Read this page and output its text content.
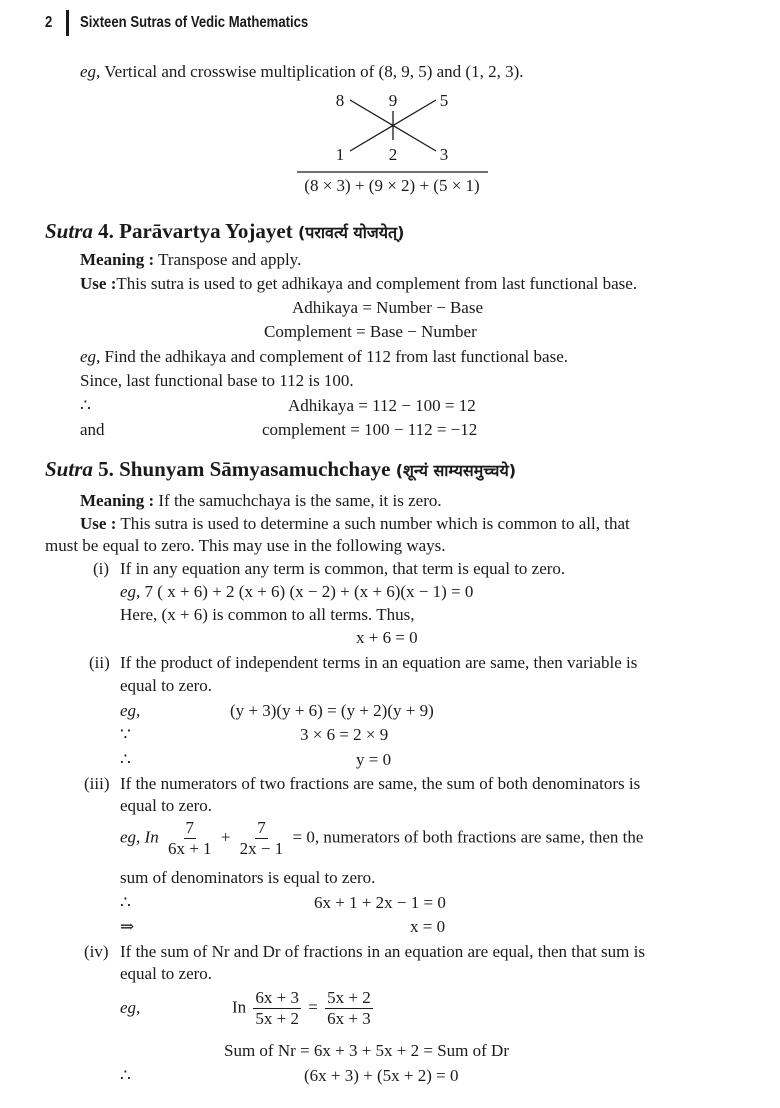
2 Sixteen Sutras of Vedic Mathematics
eg, Vertical and crosswise multiplication of (8, 9, 5) and (1, 2, 3).
8	9	5
1	2	3
(8 × 3) + (9 × 2) + (5 × 1)
Sutra 4. Parāvartya Yojayet (परावर्त्य योजयेत्)
Meaning : Transpose and apply.
Use :This sutra is used to get adhikaya and complement from last functional base.
Adhikaya = Number − Base
Complement = Base − Number
eg, Find the adhikaya and complement of 112 from last functional base.
Since, last functional base to 112 is 100.
∴	Adhikaya = 112 − 100 = 12
and	complement = 100 − 112 = −12
Sutra 5. Shunyam Sāmyasamuchchaye (शून्यं साम्यसमुच्चये)
Meaning : If the samuchchaya is the same, it is zero.
Use : This sutra is used to determine a such number which is common to all, that
must be equal to zero. This may use in the following ways.
(i) If in any equation any term is common, that term is equal to zero.
eg, 7 ( x + 6) + 2 (x + 6) (x − 2) + (x + 6)(x − 1) = 0
Here, (x + 6) is common to all terms. Thus,
x + 6 = 0
(ii) If the product of independent terms in an equation are same, then variable is
equal to zero.
eg,	(y + 3)(y + 6) = (y + 2)(y + 9)
∵	3 × 6 = 2 × 9
∴	y = 0
(iii) If the numerators of two fractions are same, the sum of both denominators is
equal to zero.
eg, In $\frac{7}{6x + 1} + \frac{7}{2x - 1} = 0$, numerators of both fractions are same, then the
sum of denominators is equal to zero.
∴	6x + 1 + 2x − 1 = 0
⇒	x = 0
(iv) If the sum of Nr and Dr of fractions in an equation are equal, then that sum is
equal to zero.
eg,	In $\frac{6x + 3}{5x + 2} = \frac{5x + 2}{6x + 3}$
Sum of Nr = 6x + 3 + 5x + 2 = Sum of Dr
∴	(6x + 3) + (5x + 2) = 0
